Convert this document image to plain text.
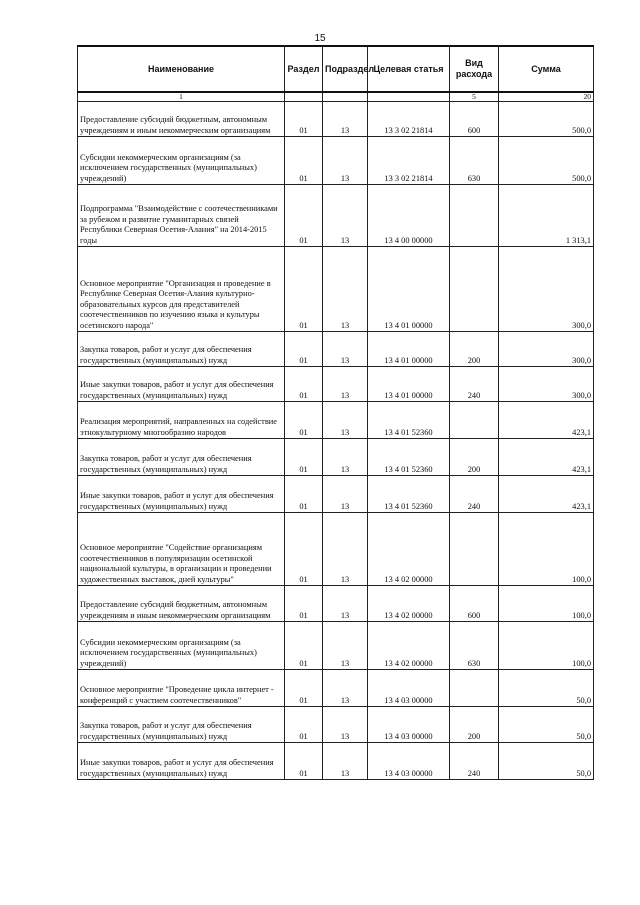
15
Наименование	Раздел	Подраздел	Целевая статья	Вид расхода	Сумма
1				5	20
Предоставление субсидий бюджетным, автономным учреждениям и иным некоммерческим организациям	01	13	13 3 02 21814	600	500,0
Субсидии некоммерческим организациям (за исключением государственных (муниципальных) учреждений)	01	13	13 3 02 21814	630	500,0
Подпрограмма "Взаимодействие с соотечественниками за рубежом и развитие гуманитарных связей Республики Северная Осетия-Алания" на 2014-2015 годы	01	13	13 4 00 00000		1 313,1
Основное мероприятие "Организация и проведение в Республике Северная Осетия-Алания культурно-образовательных курсов для представителей соотечественников по изучению языка и культуры осетинского народа"	01	13	13 4 01 00000		300,0
Закупка товаров, работ и услуг для обеспечения государственных (муниципальных) нужд	01	13	13 4 01 00000	200	300,0
Иные закупки товаров, работ и услуг для обеспечения государственных (муниципальных) нужд	01	13	13 4 01 00000	240	300,0
Реализация мероприятий, направленных на содействие этнокультурному многообразию народов	01	13	13 4 01 52360		423,1
Закупка товаров, работ и услуг для обеспечения государственных (муниципальных) нужд	01	13	13 4 01 52360	200	423,1
Иные закупки товаров, работ и услуг для обеспечения государственных (муниципальных) нужд	01	13	13 4 01 52360	240	423,1
Основное мероприятие "Содействие организациям соотечественников в популяризации осетинской национальной культуры, в организации и проведении художественных выставок, дней культуры"	01	13	13 4 02 00000		100,0
Предоставление субсидий бюджетным, автономным учреждениям и иным некоммерческим организациям	01	13	13 4 02 00000	600	100,0
Субсидии некоммерческим организациям (за исключением государственных (муниципальных) учреждений)	01	13	13 4 02 00000	630	100,0
Основное мероприятие "Проведение цикла интернет - конференций с участием соотечественников"	01	13	13 4 03 00000		50,0
Закупка товаров, работ и услуг для обеспечения государственных (муниципальных) нужд	01	13	13 4 03 00000	200	50,0
Иные закупки товаров, работ и услуг для обеспечения государственных (муниципальных) нужд	01	13	13 4 03 00000	240	50,0
